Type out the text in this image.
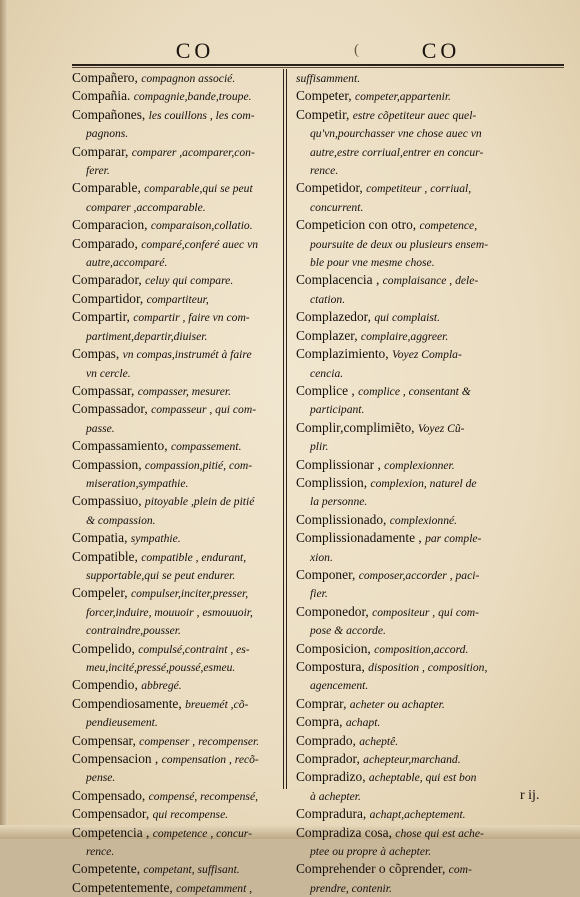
CO	(	CO
Compañero, compagnon associé.
Compañia. compagnie,bande,troupe.
Compañones, les couillons , les com-
pagnons.
Comparar, comparer ,acomparer,con-
ferer.
Comparable, comparable,qui se peut
comparer ,accomparable.
Comparacion, comparaison,collatio.
Comparado, comparé,conferé auec vn
autre,accomparé.
Comparador, celuy qui compare.
Compartidor, compartiteur,
Compartir, compartir , faire vn com-
partiment,departir,diuiser.
Compas, vn compas,instrumét à faire
vn cercle.
Compassar, compasser, mesurer.
Compassador, compasseur , qui com-
passe.
Compassamiento, compassement.
Compassion, compassion,pitié, com-
miseration,sympathie.
Compassiuo, pitoyable ,plein de pitié
& compassion.
Compatia, sympathie.
Compatible, compatible , endurant,
supportable,qui se peut endurer.
Compeler, compulser,inciter,presser,
forcer,induire, mouuoir , esmouuoir,
contraindre,pousser.
Compelido, compulsé,contraint , es-
meu,incité,pressé,poussé,esmeu.
Compendio, abbregé.
Compendiosamente, breuemét ,cõ-
pendieusement.
Compensar, compenser , recompenser.
Compensacion , compensation , recõ-
pense.
Compensado, compensé, recompensé,
Compensador, qui recompense.
Competencia , competence , concur-
rence.
Competente, competant, suffisant.
Competentemente, competamment ,
suffisamment.
Competer, competer,appartenir.
Competir, estre cõpetiteur auec quel-
qu'vn,pourchasser vne chose auec vn
autre,estre corriual,entrer en concur-
rence.
Competidor, competiteur , corriual,
concurrent.
Competicion con otro, competence,
poursuite de deux ou plusieurs ensem-
ble pour vne mesme chose.
Complacencia , complaisance , dele-
ctation.
Complazedor, qui complaist.
Complazer, complaire,aggreer.
Complazimiento, Voyez Compla-
cencia.
Complice , complice , consentant &
participant.
Complir,complimiẽto, Voyez Cũ-
plir.
Complissionar , complexionner.
Complission, complexion, naturel de
la personne.
Complissionado, complexionné.
Complissionadamente , par comple-
xion.
Componer, composer,accorder , paci-
fier.
Componedor, compositeur , qui com-
pose & accorde.
Composicion, composition,accord.
Compostura, disposition , composition,
agencement.
Comprar, acheter ou achapter.
Compra, achapt.
Comprado, acheptê.
Comprador, achepteur,marchand.
Compradizo, acheptable, qui est bon
à achepter.
Compradura, achapt,acheptement.
Compradiza cosa, chose qui est ache-
ptee ou propre à achepter.
Comprehender o cõprender, com-
prendre, contenir.
r ij.
